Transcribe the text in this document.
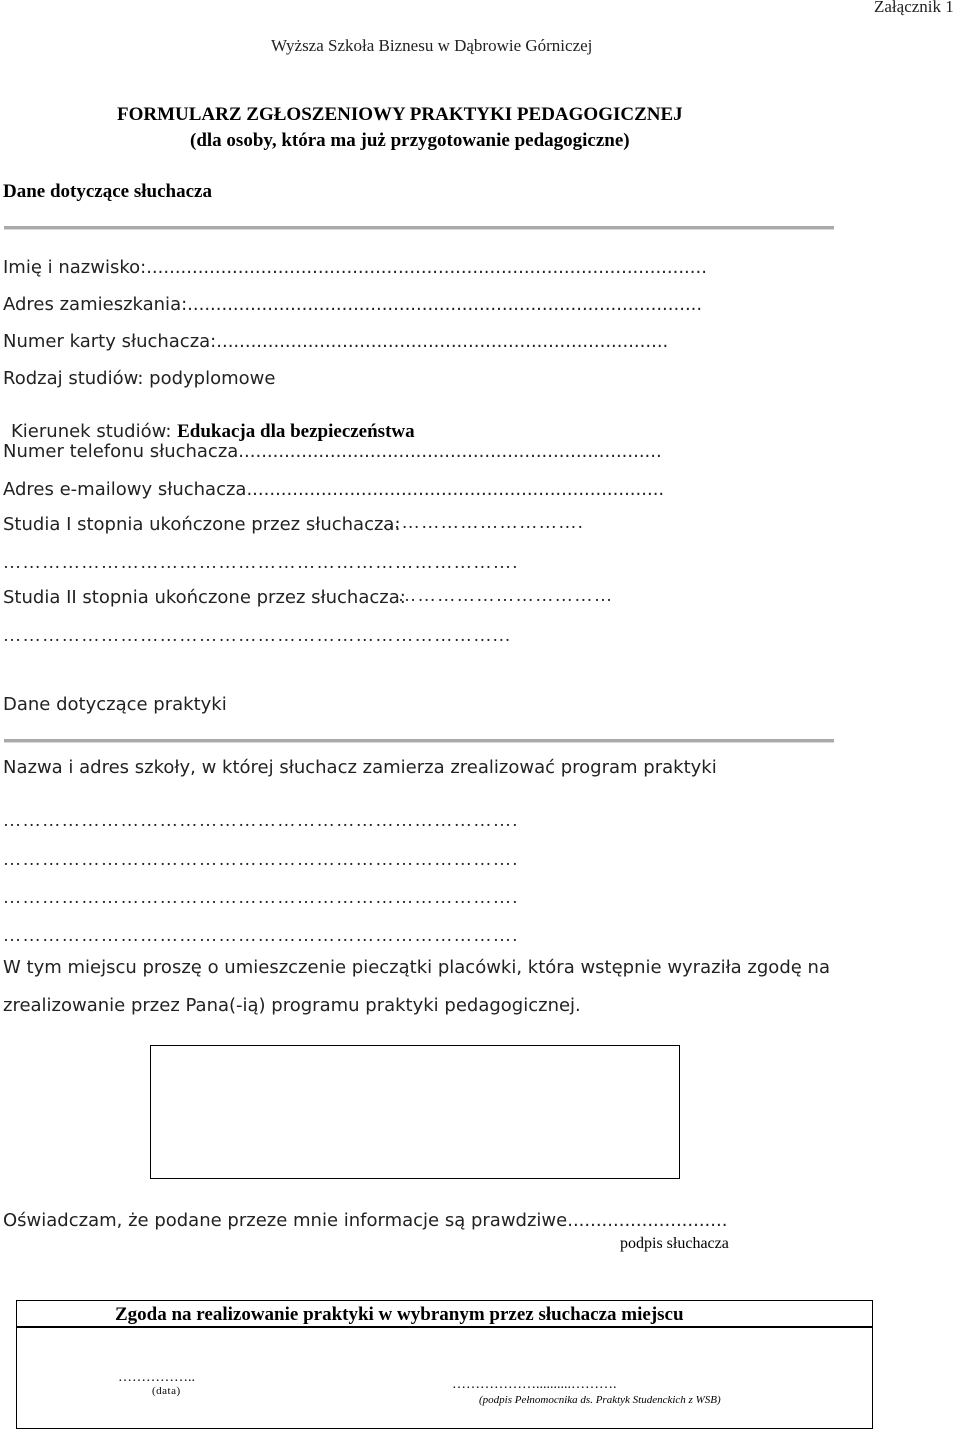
Załącznik 1
Wyższa Szkoła Biznesu w Dąbrowie Górniczej
FORMULARZ ZGŁOSZENIOWY PRAKTYKI PEDAGOGICZNEJ
(dla osoby, która ma już przygotowanie pedagogiczne)
Dane dotyczące słuchacza
Imię i nazwisko:..................................................................................................
Adres zamieszkania:..........................................................................................
Numer karty słuchacza:...............................................................................
Rodzaj studiów: podyplomowe

Kierunek studiów: Edukacja dla bezpieczeństwa

Numer telefonu słuchacza..........................................................................
Adres e-mailowy słuchacza.........................................................................
Studia I stopnia ukończone przez słuchacza:
………………………….
…………………………………………………………………….
Studia II stopnia ukończone przez słuchacza:
……………………………
…………………………………………………………………...
Dane dotyczące praktyki
Nazwa i adres szkoły, w której słuchacz zamierza zrealizować program praktyki
…………………………………………………………………….
…………………………………………………………………….
…………………………………………………………………….
…………………………………………………………………….
W tym miejscu proszę o umieszczenie pieczątki placówki, która wstępnie wyraziła zgodę na
zrealizowanie przez Pana(-ią) programu praktyki pedagogicznej.
Oświadczam, że podane przeze mnie informacje są prawdziwe............................
podpis słuchacza
Zgoda na realizowanie praktyki w wybranym przez słuchacza miejscu
……………..
(data)	………………..........……….
(podpis Pełnomocnika ds. Praktyk Studenckich z WSB)
